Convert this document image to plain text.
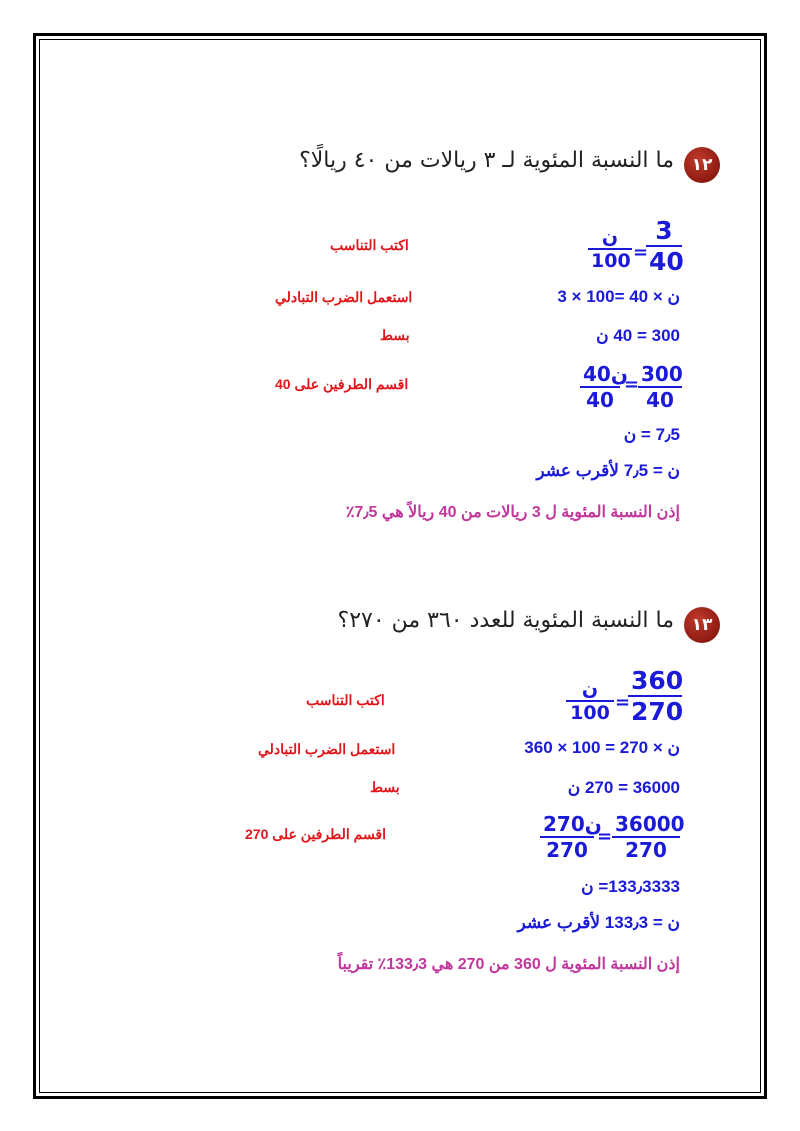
١٢
ما النسبة المئوية لـ ٣ ريالات من ٤٠ ريالًا؟
ن
100 =
$\frac{3}{40}$
اكتب التناسب
3 × 100= 40 × ن
استعمل الضرب التبادلي
300 = 40 ن
بسط
40ن
40
=
$\frac{300}{40}$
اقسم الطرفين على 40
7٫5 = ن
ن = 7٫5 لأقرب عشر
إذن النسبة المئوية ل 3 ريالات من 40 ريالاً هي 7٫5٪
١٣
ما النسبة المئوية للعدد ٣٦٠ من ٢٧٠؟
ن
100 =
$\frac{360}{270}$
اكتب التناسب
360 × 100 = 270 × ن
استعمل الضرب التبادلي
36000 = 270 ن
بسط
270ن
270
= $\frac{36000}{270}$
اقسم الطرفين على 270
133٫3333= ن
ن = 133٫3 لأقرب عشر
إذن النسبة المئوية ل 360 من 270 هي 133٫3٪ تقريباً
